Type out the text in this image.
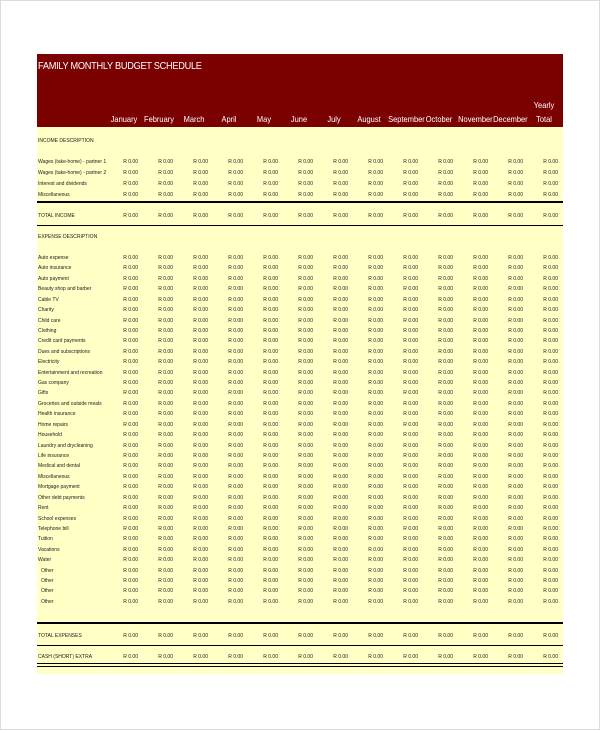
FAMILY MONTHLY BUDGET SCHEDULE
January February	March	April	May	June	July	August September October November December
Yearly
Total
INCOME DESCRIPTION
Wages (take-home) - partner 1	R 0.00	R 0.00	R 0.00	R 0.00	R 0.00	R 0.00	R 0.00	R 0.00	R 0.00	R 0.00	R 0.00	R 0.00	R 0.00
Wages (take-home) - partner 2	R 0.00	R 0.00	R 0.00	R 0.00	R 0.00	R 0.00	R 0.00	R 0.00	R 0.00	R 0.00	R 0.00	R 0.00	R 0.00
Interest and dividends	R 0.00	R 0.00	R 0.00	R 0.00	R 0.00	R 0.00	R 0.00	R 0.00	R 0.00	R 0.00	R 0.00	R 0.00	R 0.00
Miscellaneous	R 0.00	R 0.00	R 0.00	R 0.00	R 0.00	R 0.00	R 0.00	R 0.00	R 0.00	R 0.00	R 0.00	R 0.00	R 0.00
TOTAL INCOME	R 0.00	R 0.00	R 0.00	R 0.00	R 0.00	R 0.00	R 0.00	R 0.00	R 0.00	R 0.00	R 0.00	R 0.00	R 0.00
EXPENSE DESCRIPTION
Auto expense	R 0.00	R 0.00	R 0.00	R 0.00	R 0.00	R 0.00	R 0.00	R 0.00	R 0.00	R 0.00	R 0.00	R 0.00	R 0.00
Auto insurance	R 0.00	R 0.00	R 0.00	R 0.00	R 0.00	R 0.00	R 0.00	R 0.00	R 0.00	R 0.00	R 0.00	R 0.00	R 0.00
Auto payment	R 0.00	R 0.00	R 0.00	R 0.00	R 0.00	R 0.00	R 0.00	R 0.00	R 0.00	R 0.00	R 0.00	R 0.00	R 0.00
Beauty shop and barber	R 0.00	R 0.00	R 0.00	R 0.00	R 0.00	R 0.00	R 0.00	R 0.00	R 0.00	R 0.00	R 0.00	R 0.00	R 0.00
Cable TV	R 0.00	R 0.00	R 0.00	R 0.00	R 0.00	R 0.00	R 0.00	R 0.00	R 0.00	R 0.00	R 0.00	R 0.00	R 0.00
Charity	R 0.00	R 0.00	R 0.00	R 0.00	R 0.00	R 0.00	R 0.00	R 0.00	R 0.00	R 0.00	R 0.00	R 0.00	R 0.00
Child care	R 0.00	R 0.00	R 0.00	R 0.00	R 0.00	R 0.00	R 0.00	R 0.00	R 0.00	R 0.00	R 0.00	R 0.00	R 0.00
Clothing	R 0.00	R 0.00	R 0.00	R 0.00	R 0.00	R 0.00	R 0.00	R 0.00	R 0.00	R 0.00	R 0.00	R 0.00	R 0.00
Credit card payments	R 0.00	R 0.00	R 0.00	R 0.00	R 0.00	R 0.00	R 0.00	R 0.00	R 0.00	R 0.00	R 0.00	R 0.00	R 0.00
Dues and subscriptions	R 0.00	R 0.00	R 0.00	R 0.00	R 0.00	R 0.00	R 0.00	R 0.00	R 0.00	R 0.00	R 0.00	R 0.00	R 0.00
Electricity	R 0.00	R 0.00	R 0.00	R 0.00	R 0.00	R 0.00	R 0.00	R 0.00	R 0.00	R 0.00	R 0.00	R 0.00	R 0.00
Entertainment and recreation	R 0.00	R 0.00	R 0.00	R 0.00	R 0.00	R 0.00	R 0.00	R 0.00	R 0.00	R 0.00	R 0.00	R 0.00	R 0.00
Gas company	R 0.00	R 0.00	R 0.00	R 0.00	R 0.00	R 0.00	R 0.00	R 0.00	R 0.00	R 0.00	R 0.00	R 0.00	R 0.00
Gifts	R 0.00	R 0.00	R 0.00	R 0.00	R 0.00	R 0.00	R 0.00	R 0.00	R 0.00	R 0.00	R 0.00	R 0.00	R 0.00
Groceries and outside meals	R 0.00	R 0.00	R 0.00	R 0.00	R 0.00	R 0.00	R 0.00	R 0.00	R 0.00	R 0.00	R 0.00	R 0.00	R 0.00
Health insurance	R 0.00	R 0.00	R 0.00	R 0.00	R 0.00	R 0.00	R 0.00	R 0.00	R 0.00	R 0.00	R 0.00	R 0.00	R 0.00
Home repairs	R 0.00	R 0.00	R 0.00	R 0.00	R 0.00	R 0.00	R 0.00	R 0.00	R 0.00	R 0.00	R 0.00	R 0.00	R 0.00
Household	R 0.00	R 0.00	R 0.00	R 0.00	R 0.00	R 0.00	R 0.00	R 0.00	R 0.00	R 0.00	R 0.00	R 0.00	R 0.00
Laundry and drycleaning	R 0.00	R 0.00	R 0.00	R 0.00	R 0.00	R 0.00	R 0.00	R 0.00	R 0.00	R 0.00	R 0.00	R 0.00	R 0.00
Life insurance	R 0.00	R 0.00	R 0.00	R 0.00	R 0.00	R 0.00	R 0.00	R 0.00	R 0.00	R 0.00	R 0.00	R 0.00	R 0.00
Medical and dental	R 0.00	R 0.00	R 0.00	R 0.00	R 0.00	R 0.00	R 0.00	R 0.00	R 0.00	R 0.00	R 0.00	R 0.00	R 0.00
Miscellaneous	R 0.00	R 0.00	R 0.00	R 0.00	R 0.00	R 0.00	R 0.00	R 0.00	R 0.00	R 0.00	R 0.00	R 0.00	R 0.00
Mortgage payment	R 0.00	R 0.00	R 0.00	R 0.00	R 0.00	R 0.00	R 0.00	R 0.00	R 0.00	R 0.00	R 0.00	R 0.00	R 0.00
Other debt payments	R 0.00	R 0.00	R 0.00	R 0.00	R 0.00	R 0.00	R 0.00	R 0.00	R 0.00	R 0.00	R 0.00	R 0.00	R 0.00
Rent	R 0.00	R 0.00	R 0.00	R 0.00	R 0.00	R 0.00	R 0.00	R 0.00	R 0.00	R 0.00	R 0.00	R 0.00	R 0.00
School expenses	R 0.00	R 0.00	R 0.00	R 0.00	R 0.00	R 0.00	R 0.00	R 0.00	R 0.00	R 0.00	R 0.00	R 0.00	R 0.00
Telephone bill	R 0.00	R 0.00	R 0.00	R 0.00	R 0.00	R 0.00	R 0.00	R 0.00	R 0.00	R 0.00	R 0.00	R 0.00	R 0.00
Tuition	R 0.00	R 0.00	R 0.00	R 0.00	R 0.00	R 0.00	R 0.00	R 0.00	R 0.00	R 0.00	R 0.00	R 0.00	R 0.00
Vacations	R 0.00	R 0.00	R 0.00	R 0.00	R 0.00	R 0.00	R 0.00	R 0.00	R 0.00	R 0.00	R 0.00	R 0.00	R 0.00
Water	R 0.00	R 0.00	R 0.00	R 0.00	R 0.00	R 0.00	R 0.00	R 0.00	R 0.00	R 0.00	R 0.00	R 0.00	R 0.00
Other	R 0.00	R 0.00	R 0.00	R 0.00	R 0.00	R 0.00	R 0.00	R 0.00	R 0.00	R 0.00	R 0.00	R 0.00	R 0.00
Other	R 0.00	R 0.00	R 0.00	R 0.00	R 0.00	R 0.00	R 0.00	R 0.00	R 0.00	R 0.00	R 0.00	R 0.00	R 0.00
Other	R 0.00	R 0.00	R 0.00	R 0.00	R 0.00	R 0.00	R 0.00	R 0.00	R 0.00	R 0.00	R 0.00	R 0.00	R 0.00
Other	R 0.00	R 0.00	R 0.00	R 0.00	R 0.00	R 0.00	R 0.00	R 0.00	R 0.00	R 0.00	R 0.00	R 0.00	R 0.00
TOTAL EXPENSES	R 0.00	R 0.00	R 0.00	R 0.00	R 0.00	R 0.00	R 0.00	R 0.00	R 0.00	R 0.00	R 0.00	R 0.00	R 0.00
CASH (SHORT) EXTRA	R 0.00	R 0.00	R 0.00	R 0.00	R 0.00	R 0.00	R 0.00	R 0.00	R 0.00	R 0.00	R 0.00	R 0.00	R 0.00
